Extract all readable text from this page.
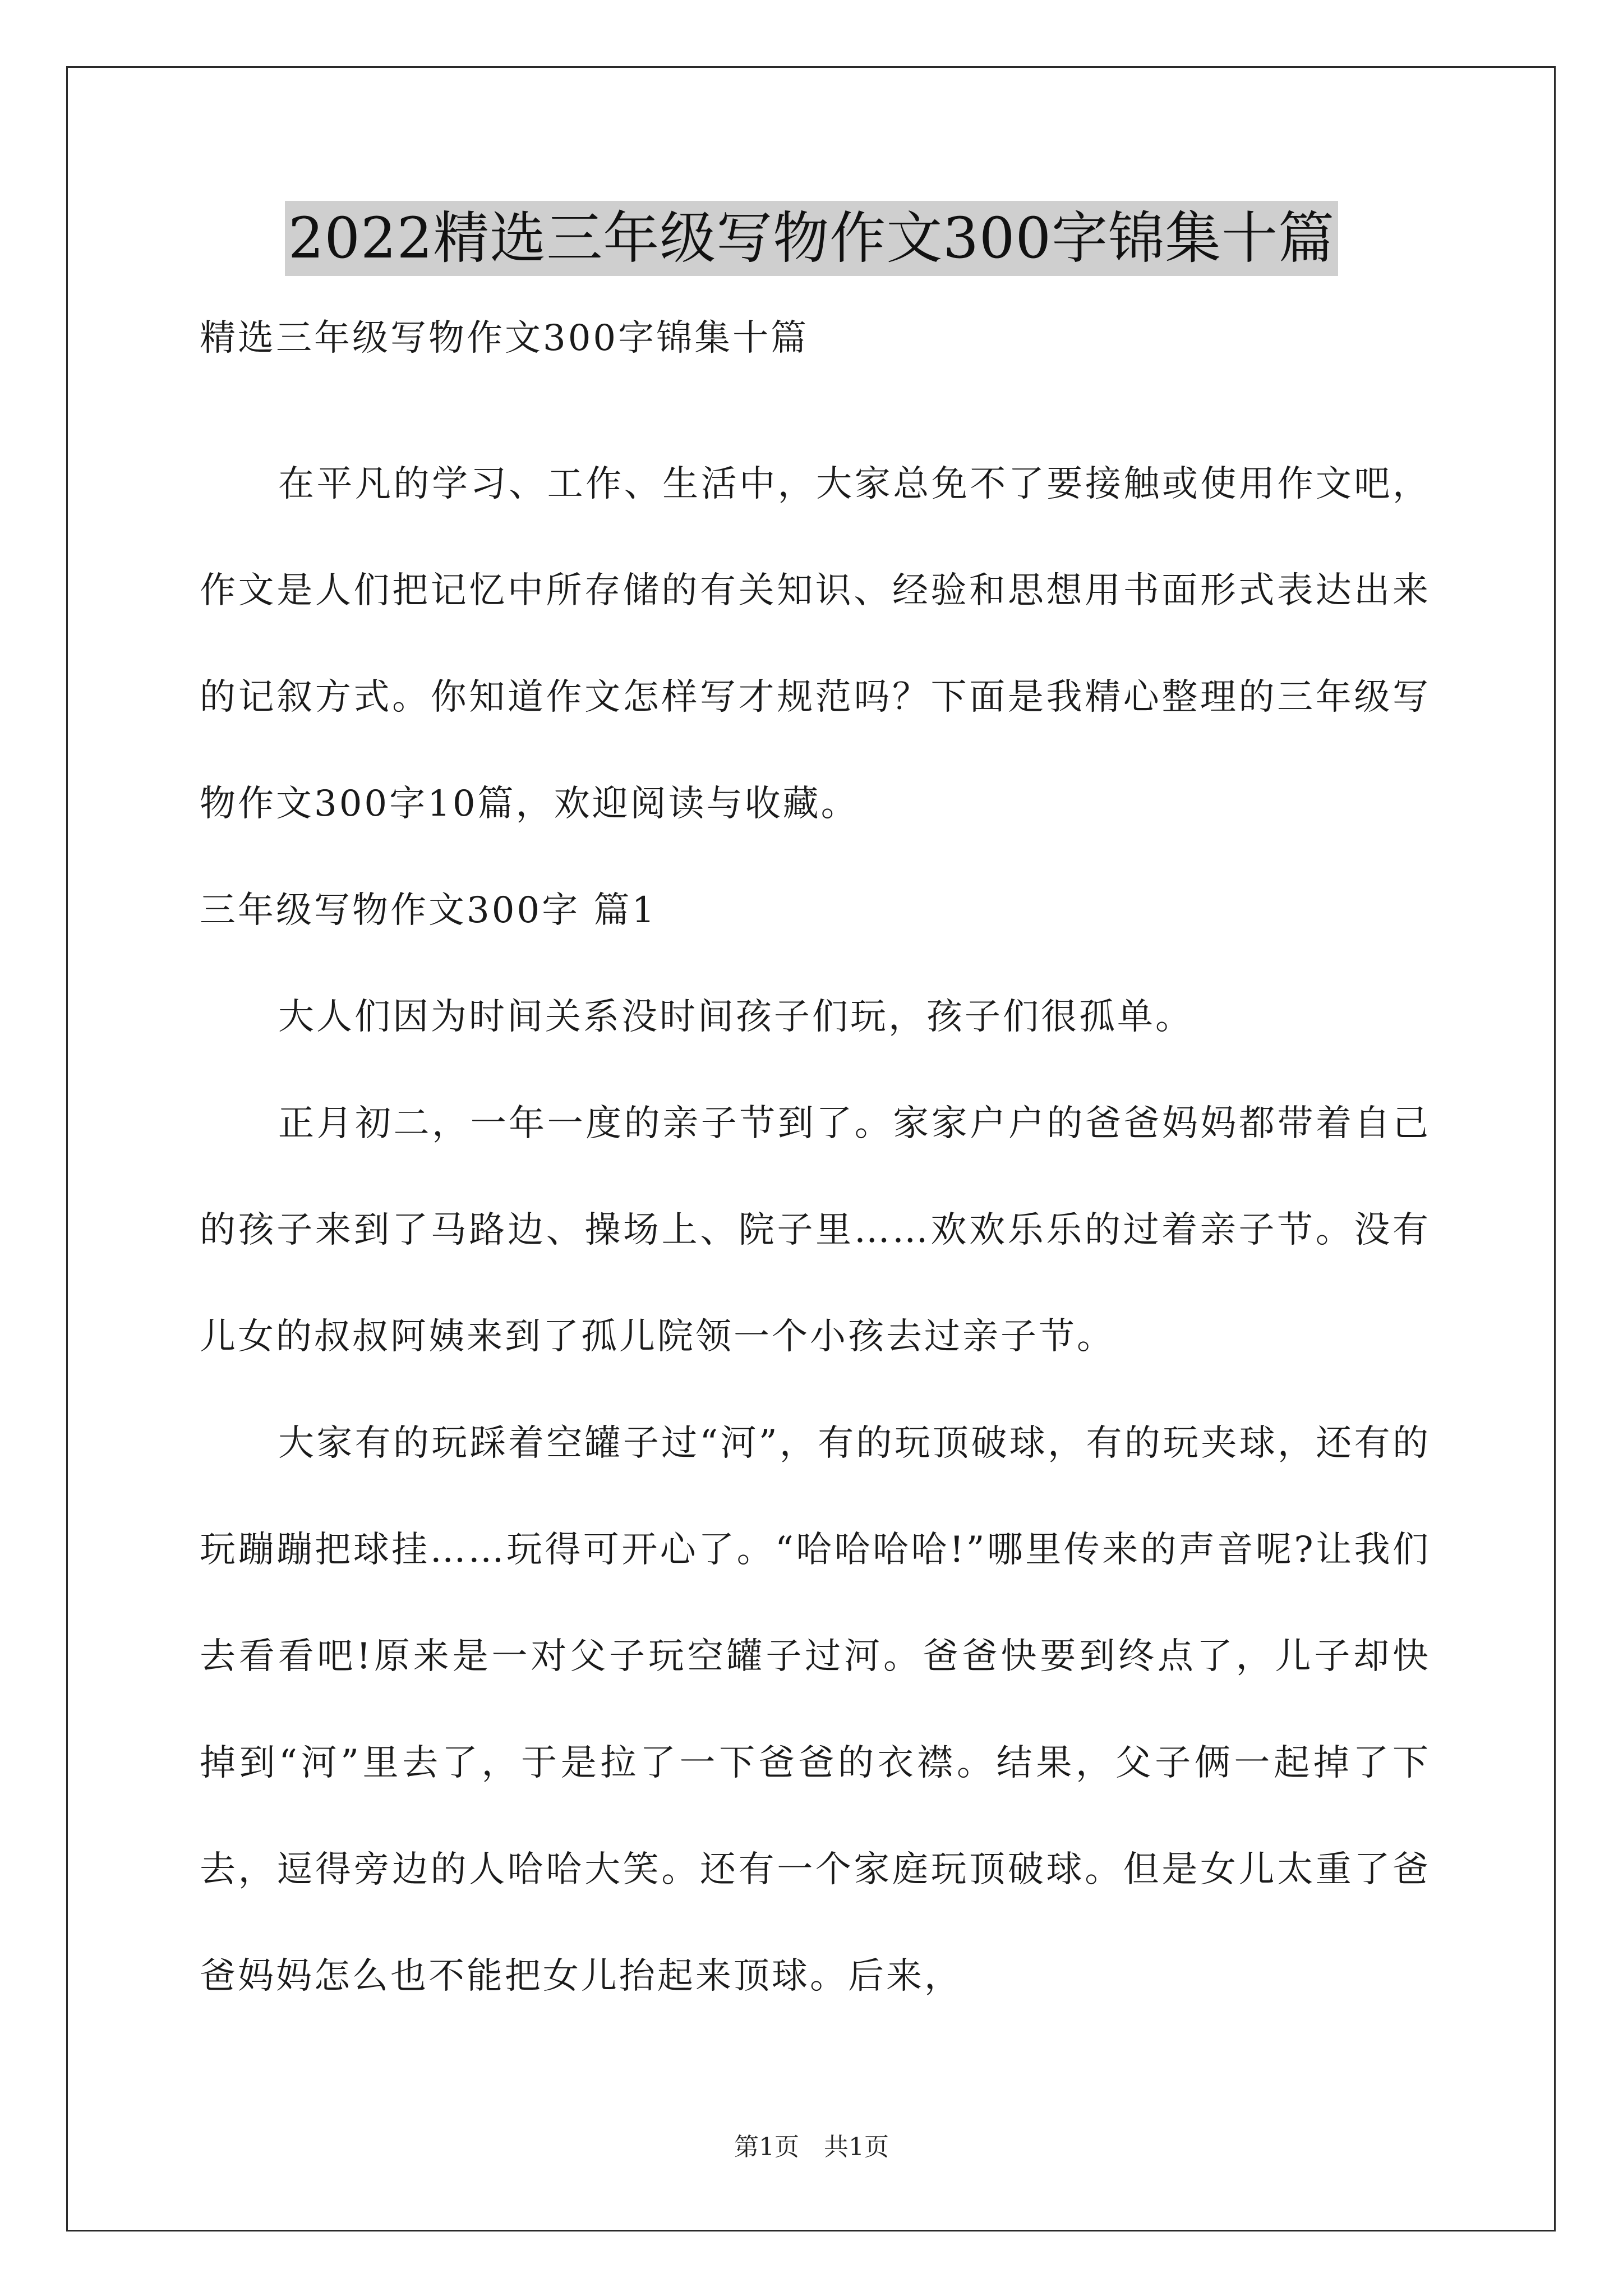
2022精选三年级写物作文300字锦集十篇
精选三年级写物作文300字锦集十篇
在平凡的学习、工作、生活中，大家总免不了要接触或使用作文吧，作文是人们把记忆中所存储的有关知识、经验和思想用书面形式表达出来的记叙方式。你知道作文怎样写才规范吗？下面是我精心整理的三年级写物作文300字10篇，欢迎阅读与收藏。
三年级写物作文300字 篇1
大人们因为时间关系没时间孩子们玩，孩子们很孤单。
正月初二，一年一度的亲子节到了。家家户户的爸爸妈妈都带着自己的孩子来到了马路边、操场上、院子里……欢欢乐乐的过着亲子节。没有儿女的叔叔阿姨来到了孤儿院领一个小孩去过亲子节。
大家有的玩踩着空罐子过“河”，有的玩顶破球，有的玩夹球，还有的玩蹦蹦把球挂……玩得可开心了。“哈哈哈哈!”哪里传来的声音呢?让我们去看看吧!原来是一对父子玩空罐子过河。爸爸快要到终点了，儿子却快掉到“河”里去了，于是拉了一下爸爸的衣襟。结果，父子俩一起掉了下去，逗得旁边的人哈哈大笑。还有一个家庭玩顶破球。但是女儿太重了爸爸妈妈怎么也不能把女儿抬起来顶球。后来，
第1页　共1页
